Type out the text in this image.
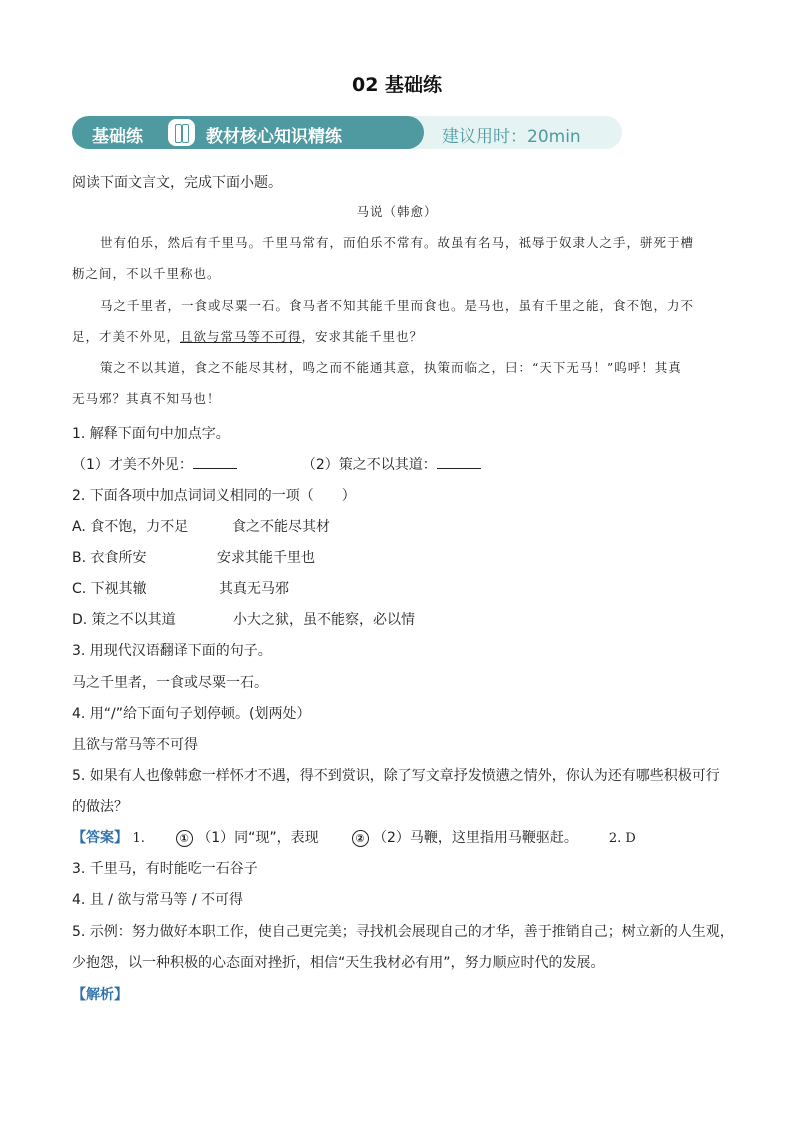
02 基础练
基础练	教材核心知识精练	建议用时：20min
阅读下面文言文，完成下面小题。
马说（韩愈）
世有伯乐，然后有千里马。千里马常有，而伯乐不常有。故虽有名马，祗辱于奴隶人之手，骈死于槽
枥之间，不以千里称也。
马之千里者，一食或尽粟一石。食马者不知其能千里而食也。是马也，虽有千里之能，食不饱，力不
足，才美不外见，且欲与常马等不可得，安求其能千里也？
策之不以其道，食之不能尽其材，鸣之而不能通其意，执策而临之，曰：“天下无马！”呜呼！其真
无马邪？其真不知马也！
1. 解释下面句中加点字。
（1）才美不外见：	（2）策之不以其道：
2. 下面各项中加点词词义相同的一项（　　）
A. 食不饱，力不足	食之不能尽其材
B. 衣食所安	安求其能千里也
C. 下视其辙	其真无马邪
D. 策之不以其道	小大之狱，虽不能察，必以情
3. 用现代汉语翻译下面的句子。
马之千里者，一食或尽粟一石。
4. 用“/”给下面句子划停顿。(划两处）
且欲与常马等不可得
5. 如果有人也像韩愈一样怀才不遇，得不到赏识，除了写文章抒发愤懑之情外，你认为还有哪些积极可行
的做法？
【答案】 1.	① （1）同“现”，表现	② （2）马鞭，这里指用马鞭驱赶。 2. D
3. 千里马，有时能吃一石谷子
4. 且 / 欲与常马等 / 不可得
5. 示例：努力做好本职工作，使自己更完美；寻找机会展现自己的才华，善于推销自己；树立新的人生观，
少抱怨，以一种积极的心态面对挫折，相信“天生我材必有用”，努力顺应时代的发展。
【解析】
